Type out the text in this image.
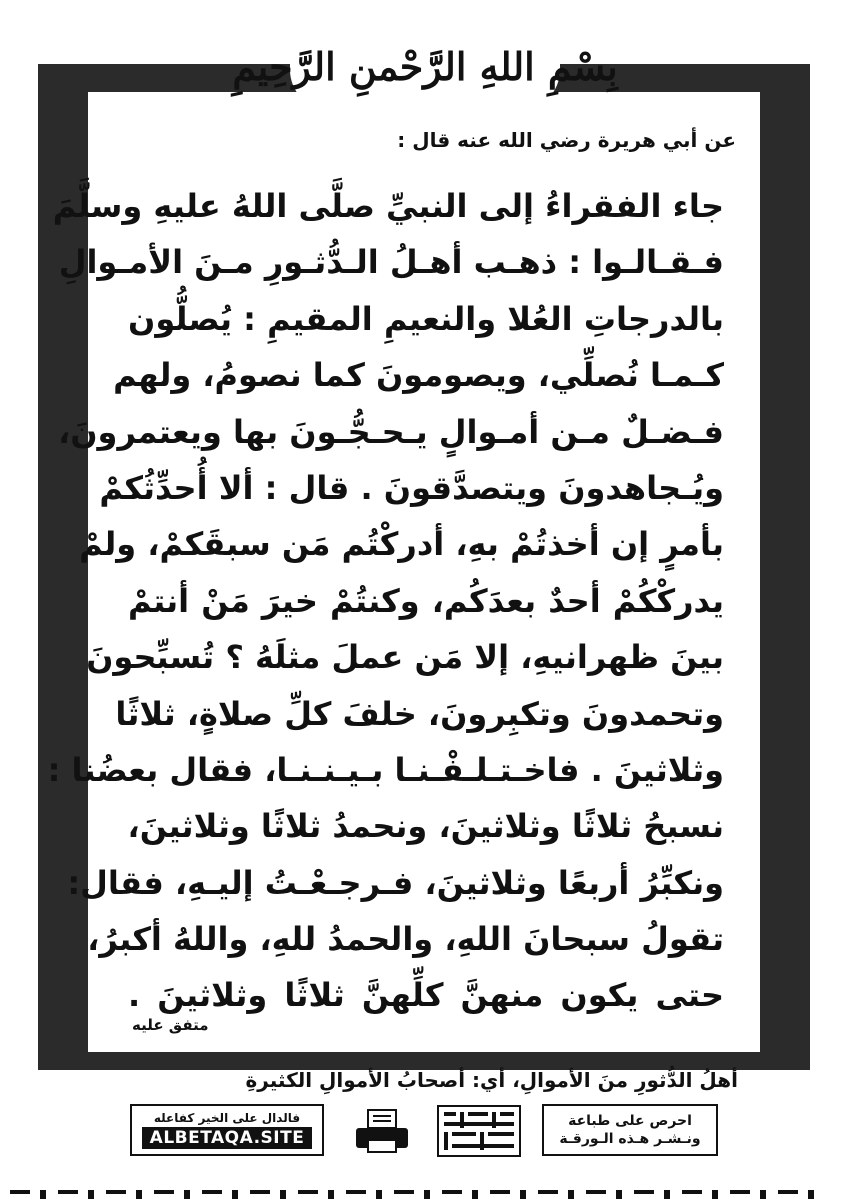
بِسْمِ اللهِ الرَّحْمنِ الرَّحِيمِ
عن أبي هريرة رضي الله عنه قال :
جاء الفقراءُ إلى النبيِّ صلَّى اللهُ عليهِ وسلَّمَ
فـقـالـوا : ذهـب أهـلُ الـدُّثـورِ مـنَ الأمـوالِ
بالدرجاتِ العُلا والنعيمِ المقيمِ : يُصلُّون
كـمـا نُصلِّي، ويصومونَ كما نصومُ، ولهم
فـضـلٌ مـن أمـوالٍ يـحـجُّـونَ بها ويعتمرونَ،
ويُـجاهدونَ ويتصدَّقونَ . قال : ألا أُحدِّثُكمْ
بأمرٍ إن أخذتُمْ بهِ، أدركْتُم مَن سبقَكمْ، ولمْ
يدركْكُمْ أحدٌ بعدَكُم، وكنتُمْ خيرَ مَنْ أنتمْ
بينَ ظهرانيهِ، إلا مَن عملَ مثلَهُ ؟ تُسبِّحونَ
وتحمدونَ وتكبِرونَ، خلفَ كلِّ صلاةٍ، ثلاثًا
وثلاثينَ . فاخـتـلـفْـنـا بـيـنـنـا، فقال بعضُنا :
نسبحُ ثلاثًا وثلاثينَ، ونحمدُ ثلاثًا وثلاثينَ،
ونكبِّرُ أربعًا وثلاثينَ، فـرجـعْـتُ إليـهِ، فقال:
تقولُ سبحانَ اللهِ، والحمدُ للهِ، واللهُ أكبرُ،
حتى يكون منهنَّ كلِّهنَّ ثلاثًا وثلاثينَ .
متفق عليه
أهلُ الدُّثورِ منَ الأموالِ، أي: أصحابُ الأموالِ الكثيرةِ
فالدال على الخير كفاعله
ALBETAQA.SITE
احرص على طباعة
ونـشـر هـذه الـورقـة
